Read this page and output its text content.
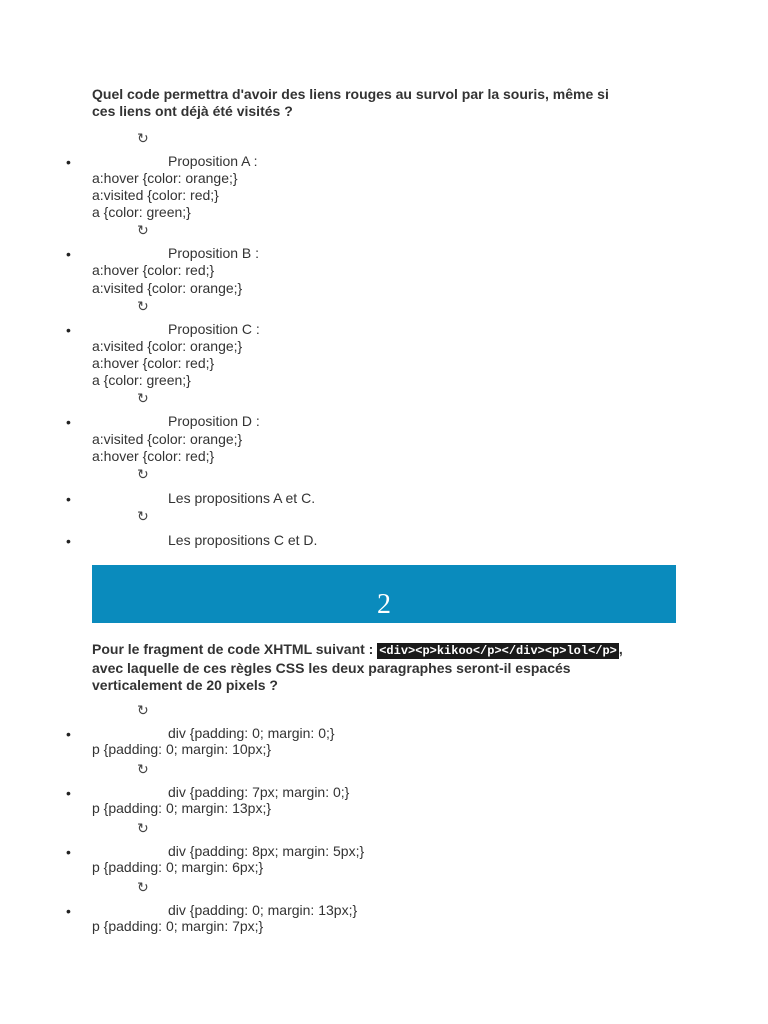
Quel code permettra d'avoir des liens rouges au survol par la souris, même si
ces liens ont déjà été visités ?
↻
•	Proposition A :
a:hover {color: orange;}
a:visited {color: red;}
a {color: green;}
↻
•	Proposition B :
a:hover {color: red;}
a:visited {color: orange;}
↻
•	Proposition C :
a:visited {color: orange;}
a:hover {color: red;}
a {color: green;}
↻
•	Proposition D :
a:visited {color: orange;}
a:hover {color: red;}
↻
•	Les propositions A et C.
↻
•	Les propositions C et D.
2
Pour le fragment de code XHTML suivant : <div><p>kikoo</p></div><p>lol</p> ,
avec laquelle de ces règles CSS les deux paragraphes seront-il espacés
verticalement de 20 pixels ?
↻
•	div {padding: 0; margin: 0;}
p {padding: 0; margin: 10px;}
↻
•	div {padding: 7px; margin: 0;}
p {padding: 0; margin: 13px;}
↻
•	div {padding: 8px; margin: 5px;}
p {padding: 0; margin: 6px;}
↻
•	div {padding: 0; margin: 13px;}
p {padding: 0; margin: 7px;}
